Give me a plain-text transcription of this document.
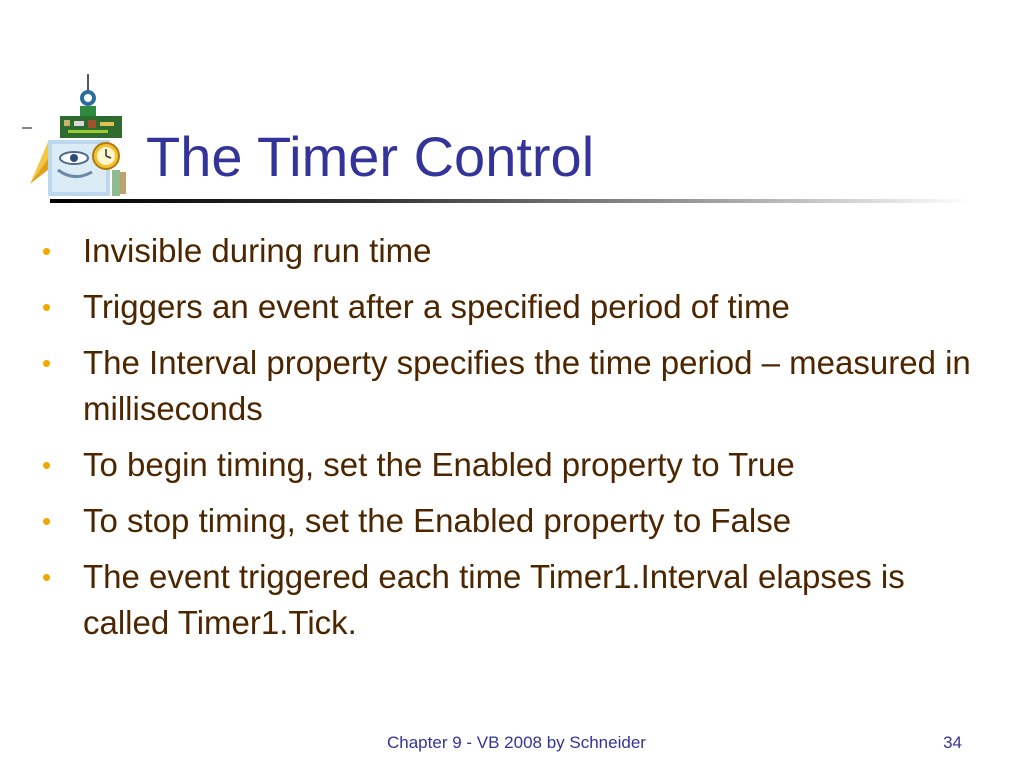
The Timer Control
• Invisible during run time
• Triggers an event after a specified period of time
• The Interval property specifies the time period – measured in milliseconds
• To begin timing, set the Enabled property to True
• To stop timing, set the Enabled property to False
• The event triggered each time Timer1.Interval elapses is called Timer1.Tick.
Chapter 9 - VB 2008 by Schneider	34
